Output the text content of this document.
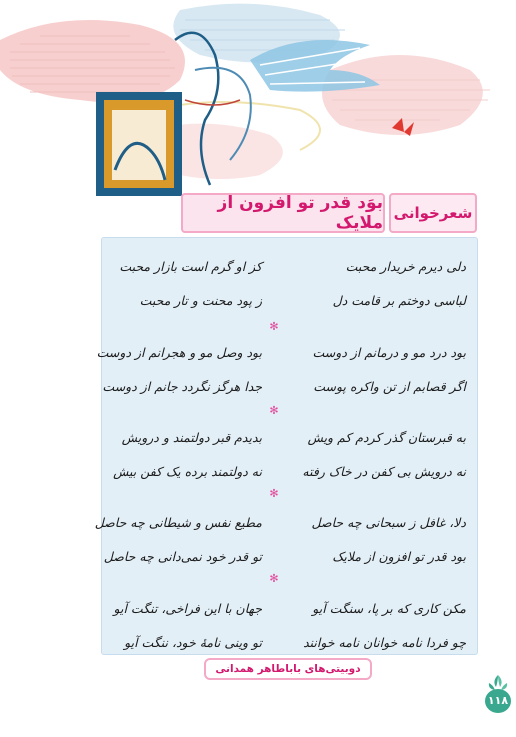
شعرخوانی
بوَد قدر تو افزون از ملایک
دلی دیرم خریدار محبت
لباسی دوختم بر قامت دل
بود درد مو و درمانم از دوست
اگر قصابم از تن واکره پوست
به قبرستان گذر کردم کم ویش
نه درویش بی کفن در خاک رفته
دلا، غافل ز سبحانی چه حاصل
بود قدر تو افزون از ملایک
مکن کاری که بر پا، سنگت آیو
چو فردا نامه خوانان نامه خوانند
کز او گرم است بازار محبت
ز پود محنت و تار محبت
بود وصل مو و هجرانم از دوست
جدا هرگز نگردد جانم از دوست
بدیدم قبر دولتمند و درویش
نه دولتمند برده یک کفن بیش
مطیع نفس و شیطانی چه حاصل
تو قدر خود نمی‌دانی چه حاصل
جهان با این فراخی، تنگت آیو
تو وینی نامهٔ خود، ننگت آیو
✻
✻
✻
✻
دوبیتی‌های باباطاهر همدانی
۱۱۸
